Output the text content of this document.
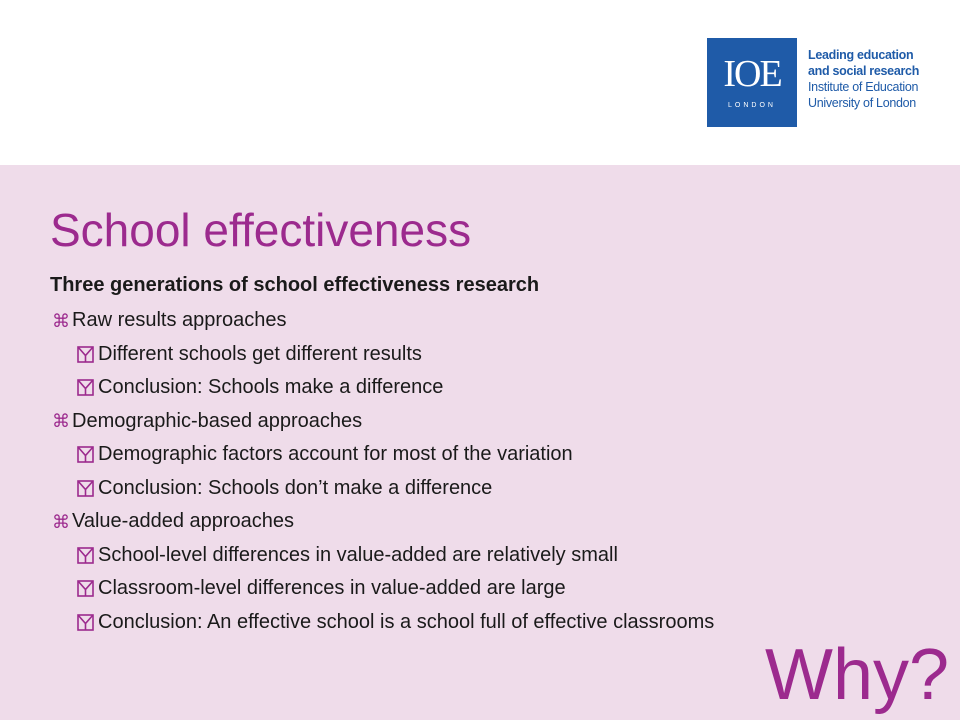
IOE
LONDON
Leading education
and social research
Institute of Education
University of London
School effectiveness
Three generations of school effectiveness research
⌘ Raw results approaches
Different schools get different results
Conclusion: Schools make a difference
⌘ Demographic-based approaches
Demographic factors account for most of the variation
Conclusion: Schools don’t make a difference
⌘ Value-added approaches
School-level differences in value-added are relatively small
Classroom-level differences in value-added are large
Conclusion: An effective school is a school full of effective classrooms
Why?
